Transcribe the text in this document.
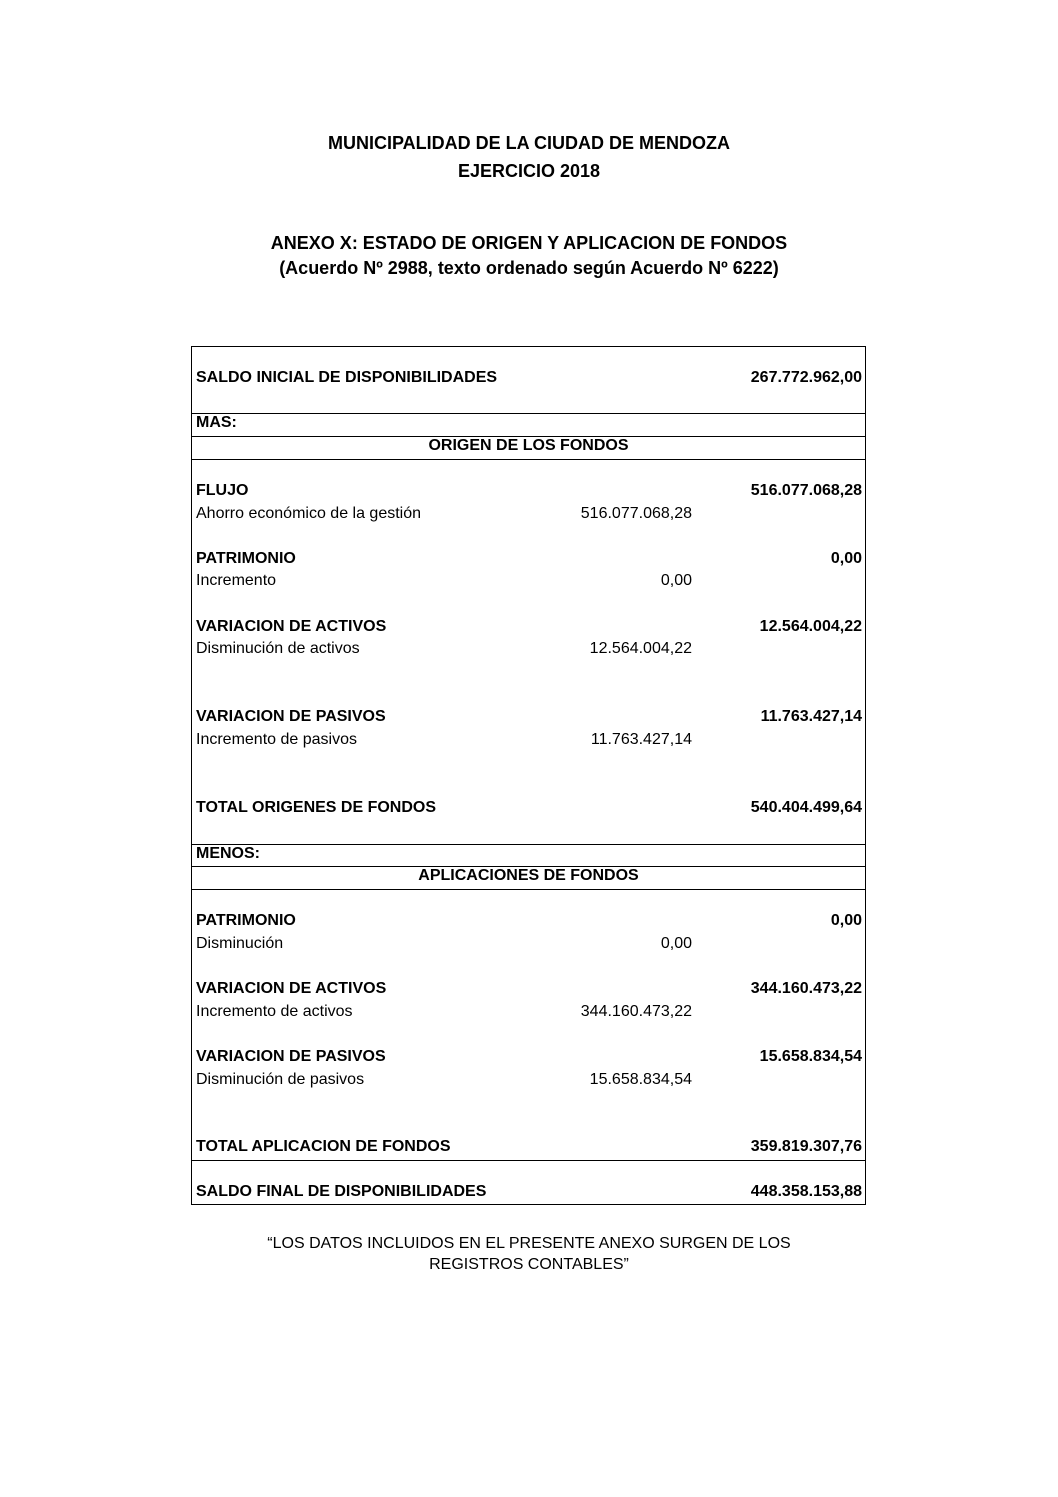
MUNICIPALIDAD DE LA CIUDAD DE MENDOZA
EJERCICIO 2018
ANEXO X: ESTADO DE ORIGEN Y APLICACION DE FONDOS
(Acuerdo Nº 2988, texto ordenado según Acuerdo Nº 6222)
SALDO INICIAL DE DISPONIBILIDADES	267.772.962,00
MAS:
ORIGEN DE LOS FONDOS
FLUJO	516.077.068,28
Ahorro económico de la gestión	516.077.068,28
PATRIMONIO	0,00
Incremento	0,00
VARIACION DE ACTIVOS	12.564.004,22
Disminución de activos	12.564.004,22
VARIACION DE PASIVOS	11.763.427,14
Incremento de pasivos	11.763.427,14
TOTAL ORIGENES DE FONDOS	540.404.499,64
MENOS:
APLICACIONES DE FONDOS
PATRIMONIO	0,00
Disminución	0,00
VARIACION DE ACTIVOS	344.160.473,22
Incremento de activos	344.160.473,22
VARIACION DE PASIVOS	15.658.834,54
Disminución de pasivos	15.658.834,54
TOTAL APLICACION DE FONDOS	359.819.307,76
SALDO FINAL DE DISPONIBILIDADES	448.358.153,88
“LOS DATOS INCLUIDOS EN EL PRESENTE ANEXO SURGEN DE LOS
REGISTROS CONTABLES”
